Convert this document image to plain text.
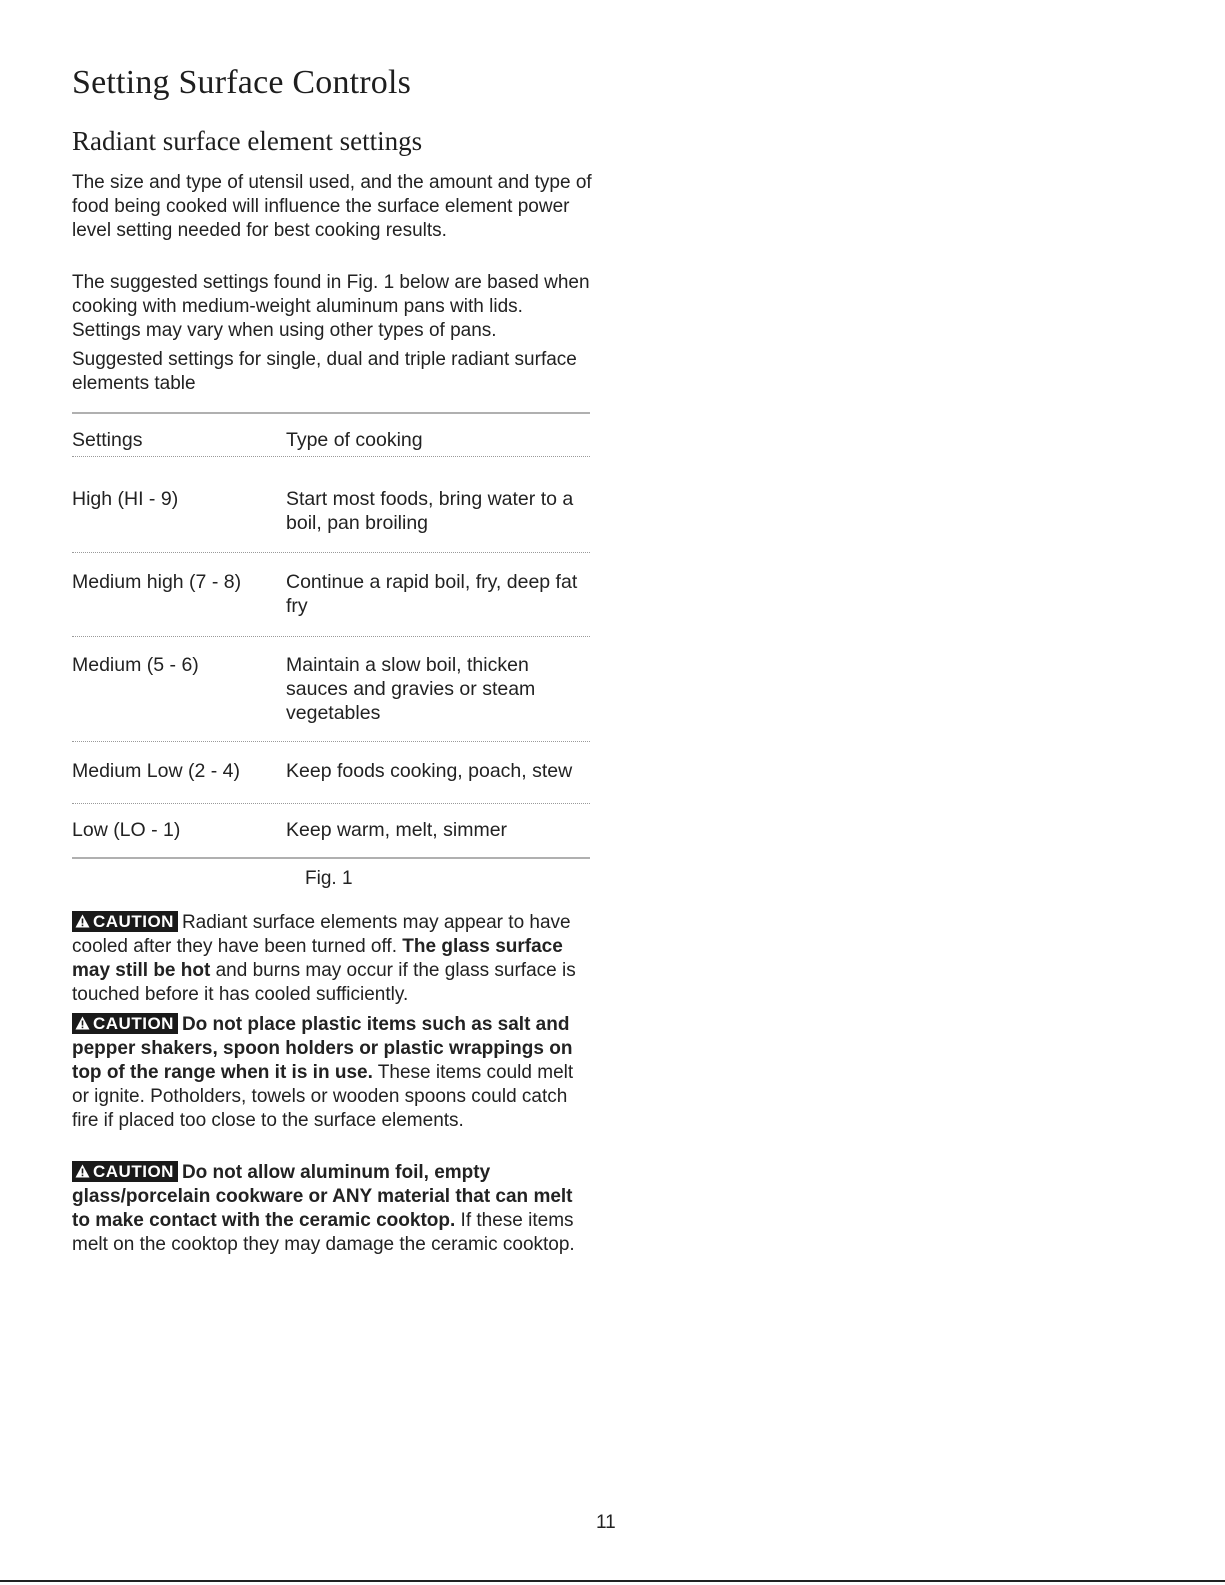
Setting Surface Controls
Radiant surface element settings
The size and type of utensil used, and the amount and type of food being cooked will influence the surface element power level setting needed for best cooking results.
The suggested settings found in Fig. 1 below are based when cooking with medium-weight aluminum pans with lids. Settings may vary when using other types of pans.
Suggested settings for single, dual and triple radiant surface elements table
Settings	Type of cooking
High (HI - 9)	Start most foods, bring water to a boil, pan broiling
Medium high (7 - 8)	Continue a rapid boil, fry, deep fat fry
Medium (5 - 6)	Maintain a slow boil, thicken sauces and gravies or steam vegetables
Medium Low (2 - 4)	Keep foods cooking, poach, stew
Low (LO - 1)	Keep warm, melt, simmer
Fig. 1
CAUTION Radiant surface elements may appear to have cooled after they have been turned off. The glass surface may still be hot and burns may occur if the glass surface is touched before it has cooled sufficiently.
CAUTION Do not place plastic items such as salt and pepper shakers, spoon holders or plastic wrappings on top of the range when it is in use. These items could melt or ignite. Potholders, towels or wooden spoons could catch fire if placed too close to the surface elements.
CAUTION Do not allow aluminum foil, empty glass/porcelain cookware or ANY material that can melt to make contact with the ceramic cooktop. If these items melt on the cooktop they may damage the ceramic cooktop.
11
